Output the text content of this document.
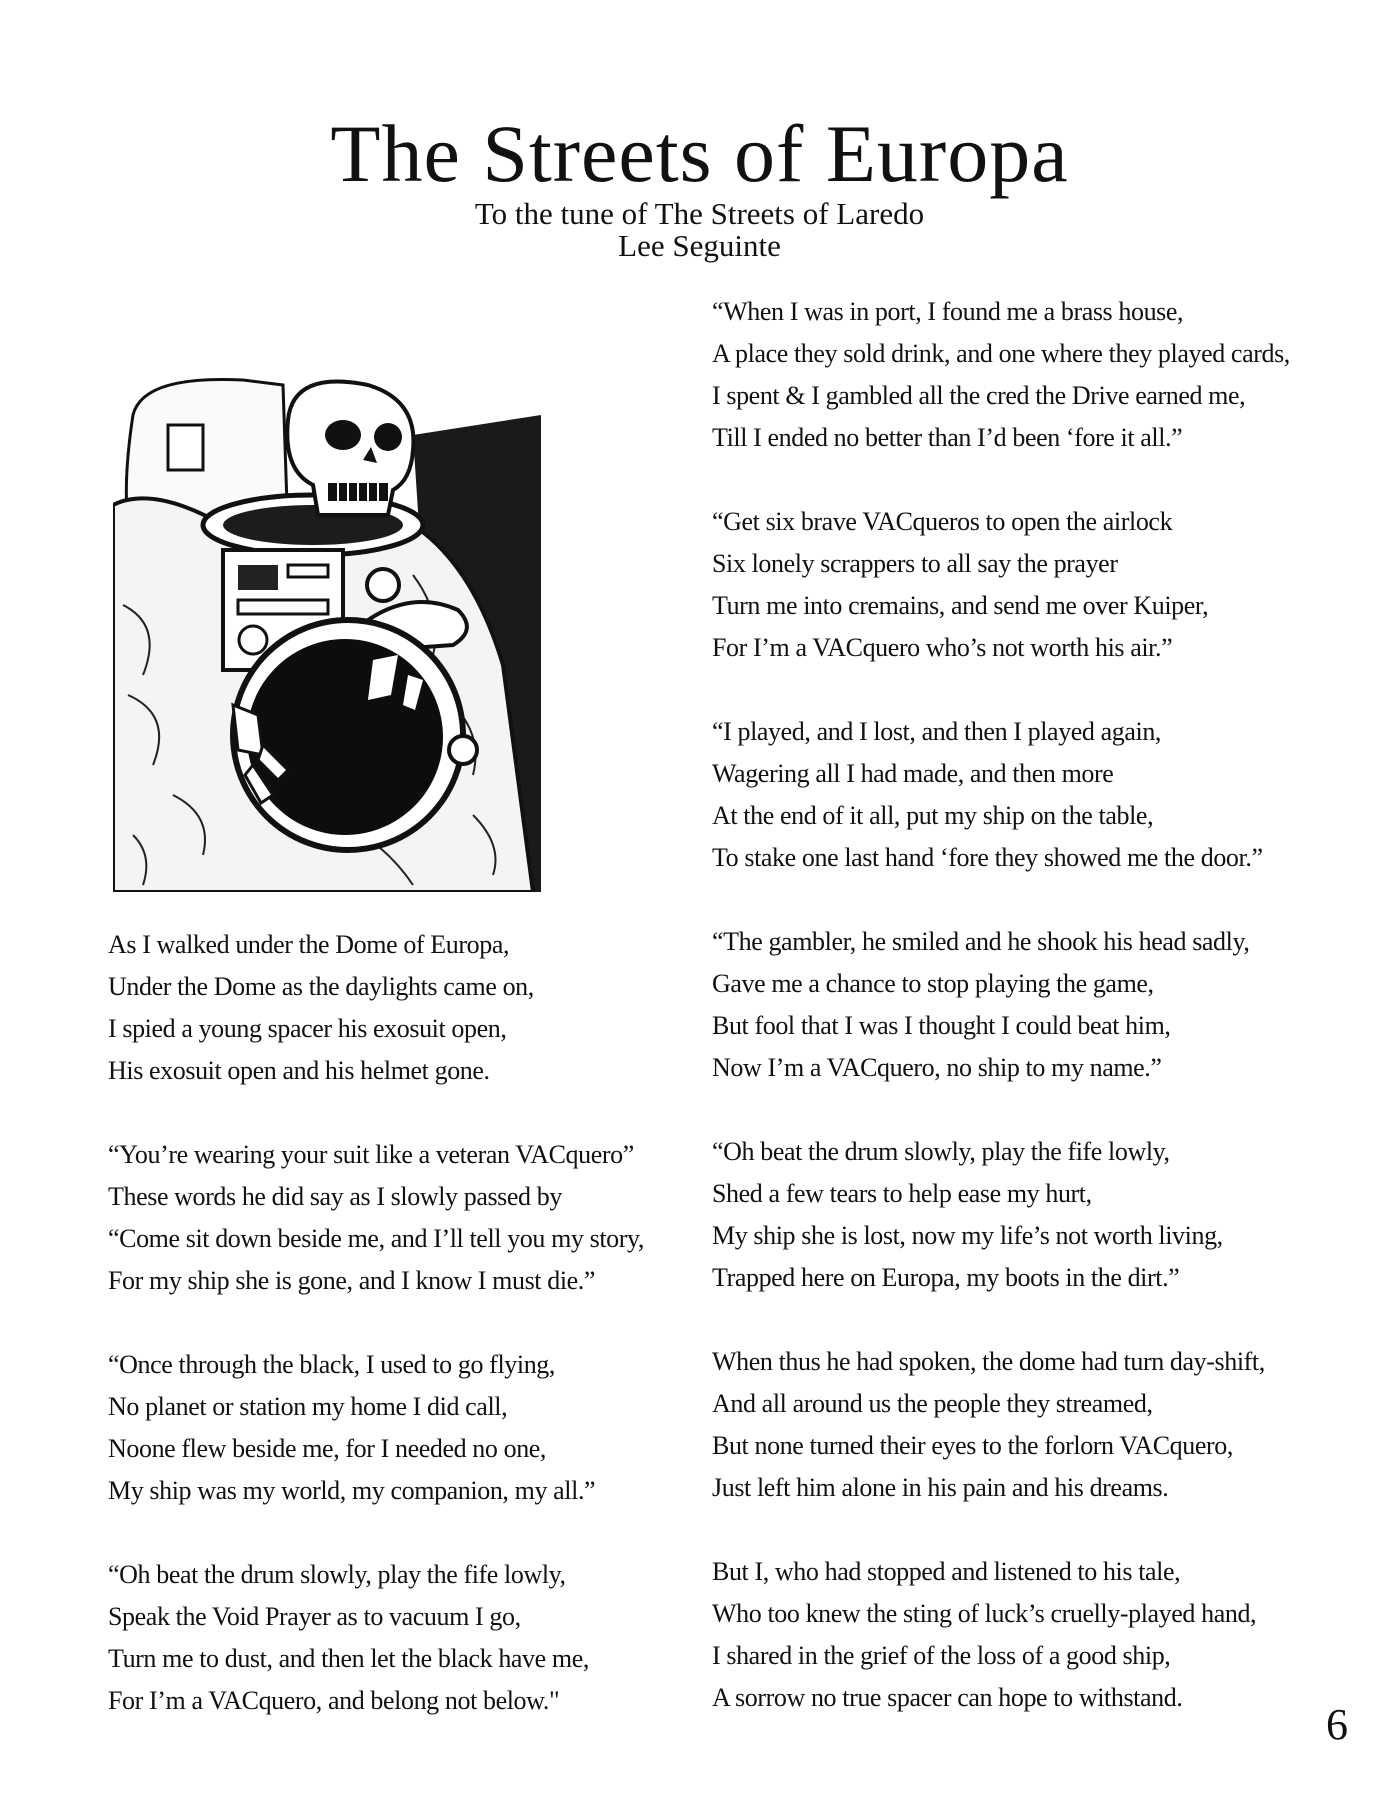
The Streets of Europa
To the tune of The Streets of Laredo
Lee Seguinte
As I walked under the Dome of Europa,
Under the Dome as the daylights came on,
I spied a young spacer his exosuit open,
His exosuit open and his helmet gone.
“You’re wearing your suit like a veteran VACquero”
These words he did say as I slowly passed by
“Come sit down beside me, and I’ll tell you my story,
For my ship she is gone, and I know I must die.”
“Once through the black, I used to go flying,
No planet or station my home I did call,
Noone flew beside me, for I needed no one,
My ship was my world, my companion, my all.”
“Oh beat the drum slowly, play the fife lowly,
Speak the Void Prayer as to vacuum I go,
Turn me to dust, and then let the black have me,
For I’m a VACquero, and belong not below."
“When I was in port, I found me a brass house,
A place they sold drink, and one where they played cards,
I spent & I gambled all the cred the Drive earned me,
Till I ended no better than I’d been ‘fore it all.”
“Get six brave VACqueros to open the airlock
Six lonely scrappers to all say the prayer
Turn me into cremains, and send me over Kuiper,
For I’m a VACquero who’s not worth his air.”
“I played, and I lost, and then I played again,
Wagering all I had made, and then more
At the end of it all, put my ship on the table,
To stake one last hand ‘fore they showed me the door.”
“The gambler, he smiled and he shook his head sadly,
Gave me a chance to stop playing the game,
But fool that I was I thought I could beat him,
Now I’m a VACquero, no ship to my name.”
“Oh beat the drum slowly, play the fife lowly,
Shed a few tears to help ease my hurt,
My ship she is lost, now my life’s not worth living,
Trapped here on Europa, my boots in the dirt.”
When thus he had spoken, the dome had turn day-shift,
And all around us the people they streamed,
But none turned their eyes to the forlorn VACquero,
Just left him alone in his pain and his dreams.
But I, who had stopped and listened to his tale,
Who too knew the sting of luck’s cruelly-played hand,
I shared in the grief of the loss of a good ship,
A sorrow no true spacer can hope to withstand.
6
